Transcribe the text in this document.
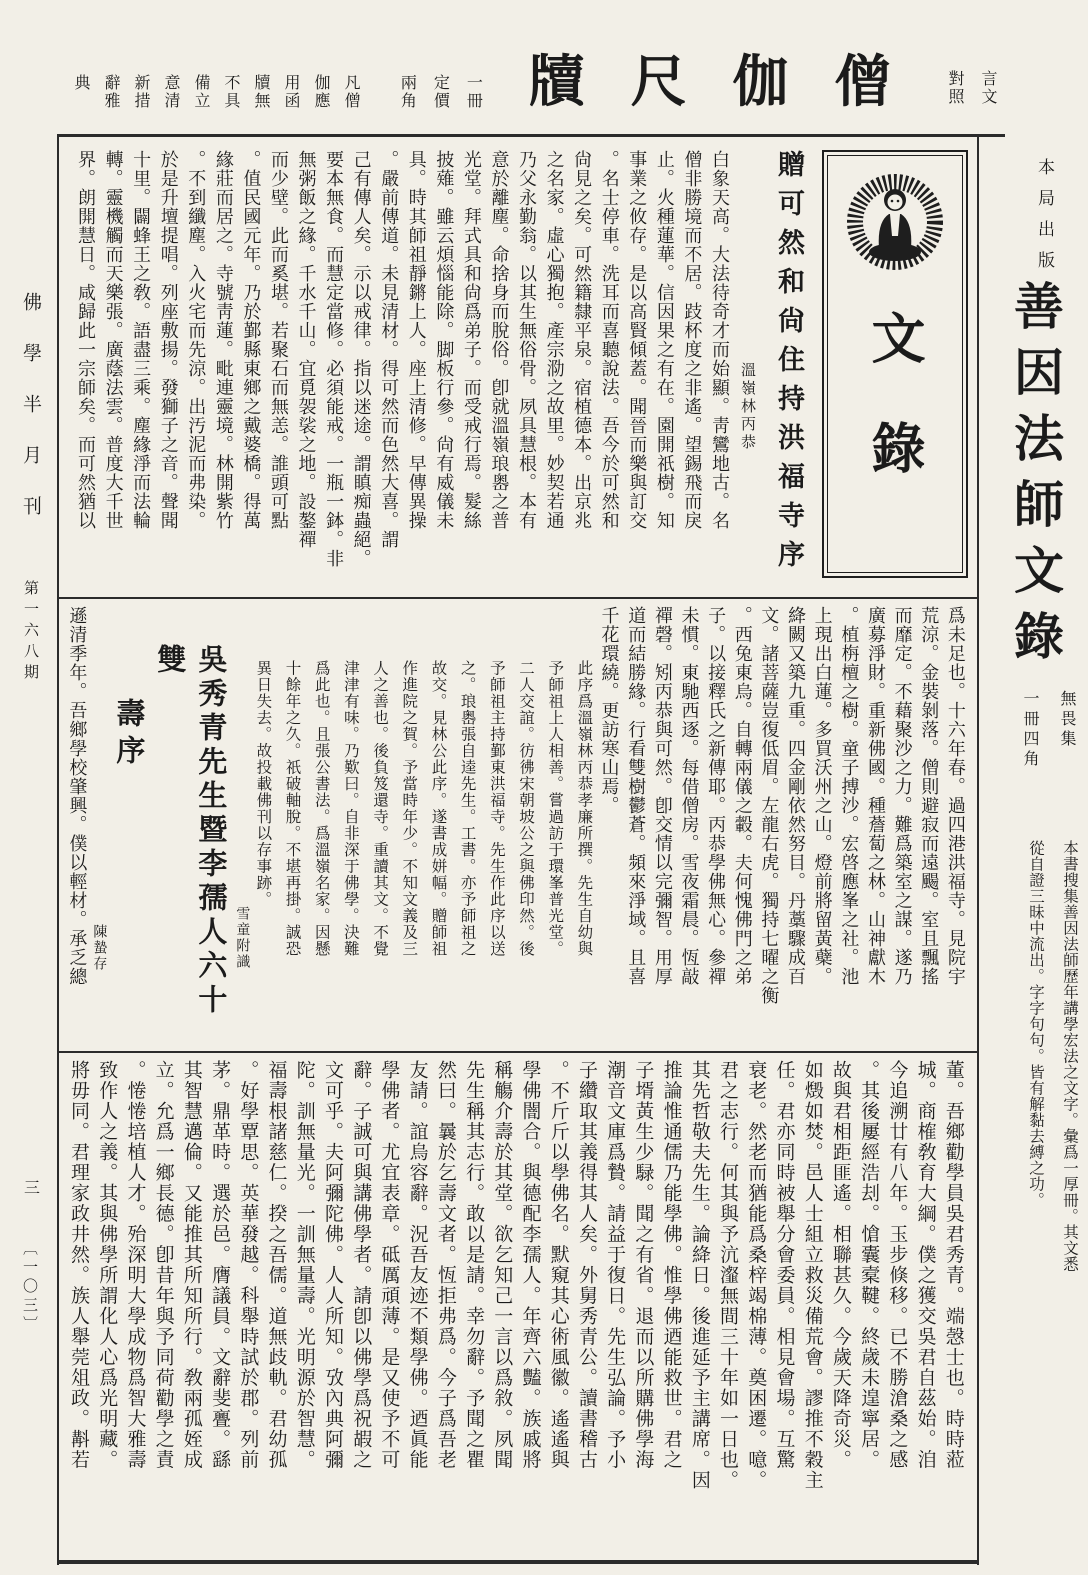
佛學半月刊
第一六八期
三
〔一〇三〕
言文
對照
僧
伽
尺
牘
一冊
定價
兩角
凡僧
伽應
用函
牘無
不具
備立
意清
新措
辭雅
典
本局出版
善因法師文錄
無畏集
一冊四角
本書搜集善因法師歷年講學宏法之文字。彙爲一厚冊。其文悉
從自證三昧中流出。字字句句。皆有解黏去縛之功。
文錄
贈可然和尙住持洪福寺序
溫嶺林丙恭
白象天高。大法待奇才而始顯。靑鸞地古。名
僧非勝境而不居。跂杯度之非遙。望錫飛而戾
止。火種蓮華。信因果之有在。園開祇樹。知
事業之攸存。是以高賢傾蓋。聞晉而樂與訂交
。名士停車。洗耳而喜聽說法。吾今於可然和
尙見之矣。可然籍隸平泉。宿植德本。出京兆
之名家。虛心獨抱。產宗泐之故里。妙契若通
乃父永勤翁。以其生無俗骨。夙具慧根。本有
意於離塵。命捨身而脫俗。卽就溫嶺琅嶴之普
光堂。拜式具和尙爲弟子。而受戒行焉。髮絲
披薙。雖云煩惱能除。脚板行參。尙有威儀未
具。時其師祖靜鏘上人。座上清修。早傳異操
。嚴前傳道。未見清材。得可然而色然大喜。謂
己有傳人矣。示以戒律。指以迷途。謂瞋痴蟲絕。
要本無食。而慧定當修。必須能戒。一瓶一鉢。非
無粥飯之緣。千水千山。宜覓袈裟之地。設鏊禪
而少壁。此而奚堪。若聚石而無恙。誰頭可點
。值民國元年。乃於鄞縣東鄉之戴婆橋。得萬
緣莊而居之。寺號靑蓮。毗連靈境。林開紫竹
。不到纖塵。入火宅而先涼。出汚泥而弗染。
於是升壇提唱。列座敷揚。發獅子之音。聲聞
十里。闢蜂王之敎。語盡三乘。塵緣淨而法輪
轉。靈機觸而天樂張。廣蔭法雲。普度大千世
界。朗開慧日。咸歸此一宗師矣。而可然猶以
爲未足也。十六年春。過四港洪福寺。見院宇
荒涼。金裝剝落。僧則避寂而遠颺。室且飄搖
而靡定。不藉聚沙之力。難爲築室之謀。遂乃
廣募淨財。重新佛國。種薝蔔之林。山神獻木
。植栴檀之樹。童子搏沙。宏啓應峯之社。池
上現出白蓮。多買沃州之山。燈前將留黃蘗。
絳闕又築九重。四金剛依然努目。丹藁驟成百
文。諸菩薩豈復低眉。左龍右虎。獨持七曜之衡
。西兔東烏。自轉兩儀之轂。夫何愧佛門之弟
子。以接釋氏之新傳耶。丙恭學佛無心。參禪
未慣。東馳西逐。每借僧房。雪夜霜晨。恆敲
禪磬。矧丙恭與可然。卽交情以完彌智。用厚
道而結勝緣。行看雙樹鬱蒼。頻來淨域。且喜
千花環繞。更訪寒山焉。
此序爲溫嶺林丙恭孝廉所撰。先生自幼與
予師祖上人相善。嘗過訪于環峯普光堂。
二人交誼。彷彿宋朝坡公之與佛印然。後
予師祖主持鄞東洪福寺。先生作此序以送
之。琅嶴張自逵先生。工書。亦予師祖之
故交。見林公此序。遂書成姘幅。贈師祖
作進院之賀。予當時年少。不知文義及三
人之善也。後負笈還寺。重讀其文。不覺
津津有味。乃歎曰。自非深于佛學。決難
爲此也。且張公書法。爲溫嶺名家。因懸
十餘年之久。祇破軸脫。不堪再掛。誠恐
異日失去。故投載佛刊以存事跡。
雪童附識
吳秀青先生暨李孺人六十雙
壽序
陳蟄存
遜清季年。吾鄉學校肇興。僕以輕材。承乏總
董。吾鄉勸學員吳君秀青。端愨士也。時時蒞
城。商榷敎育大綱。僕之獲交吳君自茲始。洎
今追溯廿有八年。玉步倏移。已不勝滄桑之感
。其後屢經浩刦。愴囊槖鞬。終歲未遑寧居。
故與君相距匪遙。相聯甚久。今歲天降奇災。
如燬如焚。邑人士組立救災備荒會。謬推不穀主
任。君亦同時被舉分會委員。相見會場。互驚
衰老。然老而猶能爲桑梓竭棉薄。奠困遷。噫。
君之志行。何其與予沆瀣無間三十年如一日也。
其先哲敬夫先生。論絳日。後進延予主講席。因
推論惟通儒乃能學佛。惟學佛迺能救世。君之
子壻黃生少騄。聞之有省。退而以所購佛學海
潮音文庫爲贄。請益于復日。先生弘論。予小
子纘取其義得其人矣。外舅秀青公。讀書稽古
。不斤斤以學佛名。默窺其心術風徽。遙遙與
學佛闇合。與德配李孺人。年齊六豔。族戚將
稱觴介壽於其堂。欲乞知己一言以爲敘。夙聞
先生稱其志行。敢以是請。幸勿辭。予聞之瞿
然曰。曩於乞壽文者。恆拒弗爲。今子爲吾老
友請。誼烏容辭。況吾友迹不類學佛。迺眞能
學佛者。尤宜表章。砥厲頑薄。是又使予不可
辭。子誠可與講佛學者。請卽以佛學爲祝嘏之
文可乎。夫阿彌陀佛。人人所知。攷內典阿彌
陀。訓無量光。一訓無量壽。光明源於智慧。
福壽根諸慈仁。揆之吾儒。道無歧軌。君幼孤
。好學覃思。英華發越。科舉時試於郡。列前
茅。鼎革時。選於邑。膺議員。文辭斐亹。繇
其智慧邁倫。又能推其所知所行。敎兩孤姪成
立。允爲一鄉長德。卽昔年與予同荷勸學之責
。惓惓培植人才。殆深明大學成物爲智大雅壽
致作人之義。其與佛學所謂化人心爲光明藏。
將毋同。君理家政井然。族人舉莞俎政。斠若
